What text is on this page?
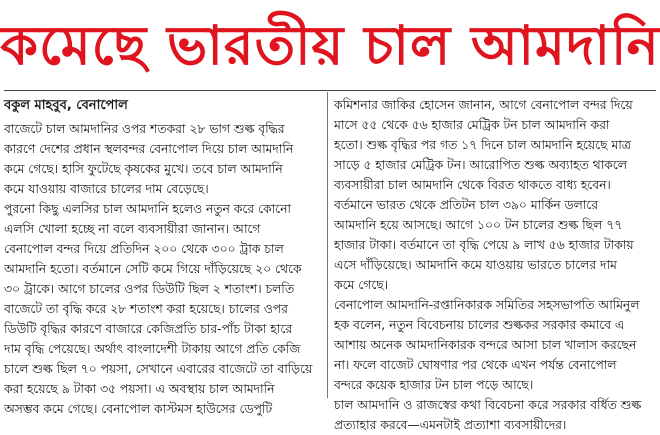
কমেছে ভারতীয় চাল আমদানি
বকুল মাহবুব, বেনাপোল
বাজেটে চাল আমদানির ওপর শতকরা ২৮ ভাগ শুল্ক বৃদ্ধির
কারণে দেশের প্রধান স্থলবন্দর বেনাপোল দিয়ে চাল আমদানি
কমে গেছে। হাসি ফুটেছে কৃষকের মুখে। তবে চাল আমদানি
কমে যাওয়ায় বাজারে চালের দাম বেড়েছে।
পুরনো কিছু এলসির চাল আমদানি হলেও নতুন করে কোনো
এলসি খোলা হচ্ছে না বলে ব্যবসায়ীরা জানান। আগে
বেনাপোল বন্দর দিয়ে প্রতিদিন ২০০ থেকে ৩০০ ট্রাক চাল
আমদানি হতো। বর্তমানে সেটি কমে গিয়ে দাঁড়িয়েছে ২০ থেকে
৩০ ট্রাকে। আগে চালের ওপর ডিউটি ছিল ২ শতাংশ। চলতি
বাজেটে তা বৃদ্ধি করে ২৮ শতাংশ করা হয়েছে। চালের ওপর
ডিউটি বৃদ্ধির কারণে বাজারে কেজিপ্রতি চার-পাঁচ টাকা হারে
দাম বৃদ্ধি পেয়েছে। অর্থাৎ বাংলাদেশী টাকায় আগে প্রতি কেজি
চালে শুল্ক ছিল ৭০ পয়সা, সেখানে এবারের বাজেটে তা বাড়িয়ে
করা হয়েছে ৯ টাকা ৩৫ পয়সা। এ অবস্থায় চাল আমদানি
অসম্ভব কমে গেছে। বেনাপোল কাস্টমস হাউসের ডেপুটি
কমিশনার জাকির হোসেন জানান, আগে বেনাপোল বন্দর দিয়ে
মাসে ৫৫ থেকে ৫৬ হাজার মেট্রিক টন চাল আমদানি করা
হতো। শুল্ক বৃদ্ধির পর গত ১৭ দিনে চাল আমদানি হয়েছে মাত্র
সাড়ে ৫ হাজার মেট্রিক টন। আরোপিত শুল্ক অব্যাহত থাকলে
ব্যবসায়ীরা চাল আমদানি থেকে বিরত থাকতে বাধ্য হবেন।
বর্তমানে ভারত থেকে প্রতিটন চাল ৩৯০ মার্কিন ডলারে
আমদানি হয়ে আসছে। আগে ১০০ টন চালের শুল্ক ছিল ৭৭
হাজার টাকা। বর্তমানে তা বৃদ্ধি পেয়ে ৯ লাখ ৫৬ হাজার টাকায়
এসে দাঁড়িয়েছে। আমদানি কমে যাওয়ায় ভারতে চালের দাম
কমে গেছে।
বেনাপোল আমদানি-রপ্তানিকারক সমিতির সহসভাপতি আমিনুল
হক বলেন, নতুন বিবেচনায় চালের শুল্ককর সরকার কমাবে এ
আশায় অনেক আমদানিকারক বন্দরে আসা চাল খালাস করছেন
না। ফলে বাজেট ঘোষণার পর থেকে এখন পর্যন্ত বেনাপোল
বন্দরে কয়েক হাজার টন চাল পড়ে আছে।
চাল আমদানি ও রাজস্বের কথা বিবেচনা করে সরকার বর্ধিত শুল্ক
প্রত্যাহার করবে—এমনটাই প্রত্যাশা ব্যবসায়ীদের।
